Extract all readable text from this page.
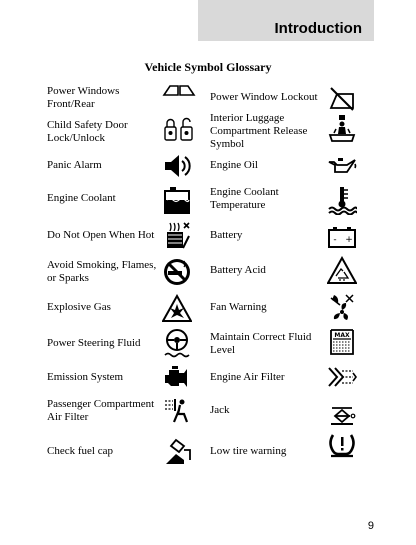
Introduction
Vehicle Symbol Glossary
Power Windows
Front/Rear
Child Safety Door
Lock/Unlock
Panic Alarm
Engine Coolant
Do Not Open When Hot
Avoid Smoking, Flames,
or Sparks
Explosive Gas
Power Steering Fluid
Emission System
Passenger Compartment
Air Filter
Check fuel cap
Power Window Lockout
Interior Luggage
Compartment Release
Symbol
Engine Oil
Engine Coolant
Temperature
Battery
Battery Acid
Fan Warning
Maintain Correct Fluid
Level
Engine Air Filter
Jack
Low tire warning
- +
MAX
9
